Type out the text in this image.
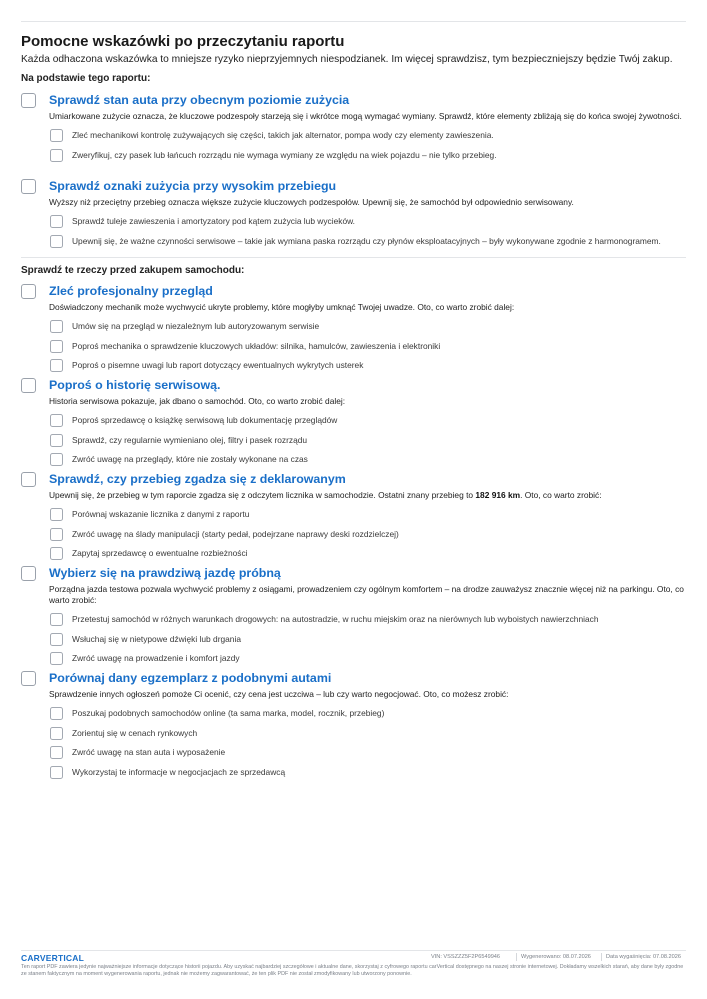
Pomocne wskazówki po przeczytaniu raportu
Każda odhaczona wskazówka to mniejsze ryzyko nieprzyjemnych niespodzianek. Im więcej sprawdzisz, tym bezpieczniejszy będzie Twój zakup.
Na podstawie tego raportu:
Sprawdź stan auta przy obecnym poziomie zużycia
Umiarkowane zużycie oznacza, że kluczowe podzespoły starzeją się i wkrótce mogą wymagać wymiany. Sprawdź, które elementy zbliżają się do końca swojej żywotności.
Zleć mechanikowi kontrolę zużywających się części, takich jak alternator, pompa wody czy elementy zawieszenia.
Zweryfikuj, czy pasek lub łańcuch rozrządu nie wymaga wymiany ze względu na wiek pojazdu – nie tylko przebieg.
Sprawdź oznaki zużycia przy wysokim przebiegu
Wyższy niż przeciętny przebieg oznacza większe zużycie kluczowych podzespołów. Upewnij się, że samochód był odpowiednio serwisowany.
Sprawdź tuleje zawieszenia i amortyzatory pod kątem zużycia lub wycieków.
Upewnij się, że ważne czynności serwisowe – takie jak wymiana paska rozrządu czy płynów eksploatacyjnych – były wykonywane zgodnie z harmonogramem.
Sprawdź te rzeczy przed zakupem samochodu:
Zleć profesjonalny przegląd
Doświadczony mechanik może wychwycić ukryte problemy, które mogłyby umknąć Twojej uwadze. Oto, co warto zrobić dalej:
Umów się na przegląd w niezależnym lub autoryzowanym serwisie
Poproś mechanika o sprawdzenie kluczowych układów: silnika, hamulców, zawieszenia i elektroniki
Poproś o pisemne uwagi lub raport dotyczący ewentualnych wykrytych usterek
Poproś o historię serwisową.
Historia serwisowa pokazuje, jak dbano o samochód. Oto, co warto zrobić dalej:
Poproś sprzedawcę o książkę serwisową lub dokumentację przeglądów
Sprawdź, czy regularnie wymieniano olej, filtry i pasek rozrządu
Zwróć uwagę na przeglądy, które nie zostały wykonane na czas
Sprawdź, czy przebieg zgadza się z deklarowanym
Upewnij się, że przebieg w tym raporcie zgadza się z odczytem licznika w samochodzie. Ostatni znany przebieg to 182 916 km. Oto, co warto zrobić:
Porównaj wskazanie licznika z danymi z raportu
Zwróć uwagę na ślady manipulacji (starty pedał, podejrzane naprawy deski rozdzielczej)
Zapytaj sprzedawcę o ewentualne rozbieżności
Wybierz się na prawdziwą jazdę próbną
Porządna jazda testowa pozwala wychwycić problemy z osiągami, prowadzeniem czy ogólnym komfortem – na drodze zauważysz znacznie więcej niż na parkingu. Oto, co warto zrobić:
Przetestuj samochód w różnych warunkach drogowych: na autostradzie, w ruchu miejskim oraz na nierównych lub wyboistych nawierzchniach
Wsłuchaj się w nietypowe dźwięki lub drgania
Zwróć uwagę na prowadzenie i komfort jazdy
Porównaj dany egzemplarz z podobnymi autami
Sprawdzenie innych ogłoszeń pomoże Ci ocenić, czy cena jest uczciwa – lub czy warto negocjować. Oto, co możesz zrobić:
Poszukaj podobnych samochodów online (ta sama marka, model, rocznik, przebieg)
Zorientuj się w cenach rynkowych
Zwróć uwagę na stan auta i wyposażenie
Wykorzystaj te informacje w negocjacjach ze sprzedawcą
CARVERTICAL	VIN: VSSZZZ5F2P6549946	Wygenerowano: 08.07.2026	Data wygaśnięcia: 07.08.2026
Ten raport PDF zawiera jedynie najważniejsze informacje dotyczące historii pojazdu. Aby uzyskać najbardziej szczegółowe i aktualne dane, skorzystaj z cyfrowego raportu carVertical dostępnego na naszej stronie internetowej. Dokładamy wszelkich starań, aby dane były zgodne ze stanem faktycznym na moment wygenerowania raportu, jednak nie możemy zagwarantować, że ten plik PDF nie został zmodyfikowany lub utworzony ponownie.
